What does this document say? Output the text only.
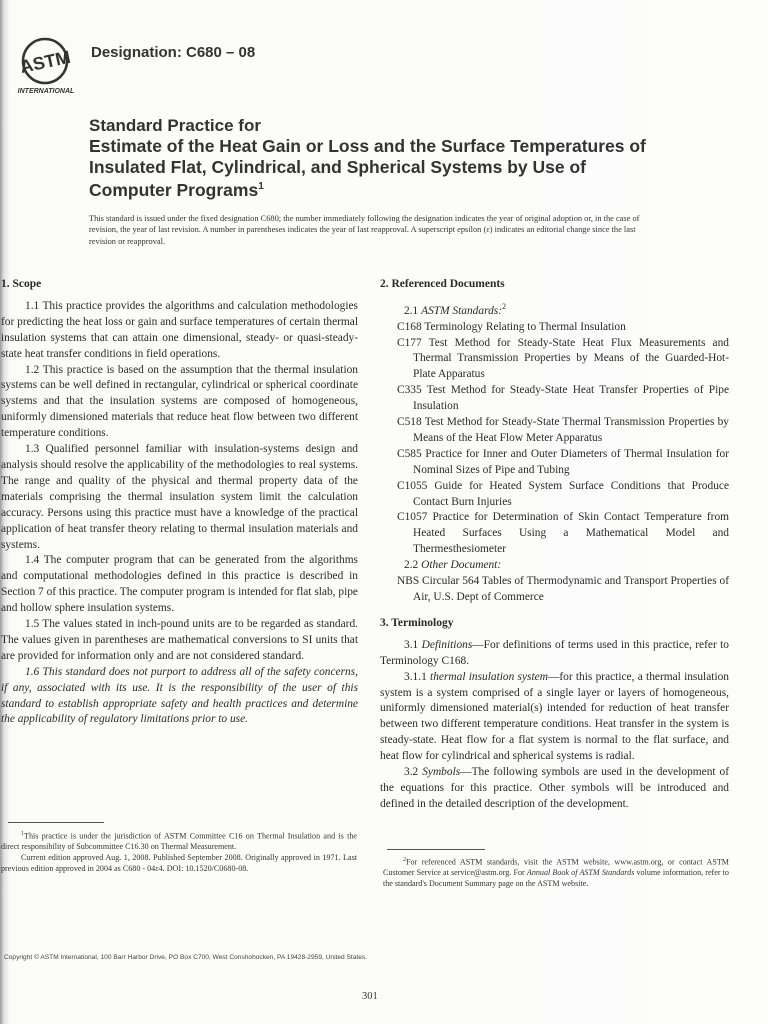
ASTM
INTERNATIONAL
Designation: C680 – 08
Standard Practice for
Estimate of the Heat Gain or Loss and the Surface Temperatures of Insulated Flat, Cylindrical, and Spherical Systems by Use of Computer Programs$^1$
This standard is issued under the fixed designation C680; the number immediately following the designation indicates the year of original adoption or, in the case of revision, the year of last revision. A number in parentheses indicates the year of last reapproval. A superscript epsilon (ε) indicates an editorial change since the last revision or reapproval.
1. Scope

1.1 This practice provides the algorithms and calculation methodologies for predicting the heat loss or gain and surface temperatures of certain thermal insulation systems that can attain one dimensional, steady- or quasi-steady-state heat transfer conditions in field operations.

1.2 This practice is based on the assumption that the thermal insulation systems can be well defined in rectangular, cylindrical or spherical coordinate systems and that the insulation systems are composed of homogeneous, uniformly dimensioned materials that reduce heat flow between two different temperature conditions.

1.3 Qualified personnel familiar with insulation-systems design and analysis should resolve the applicability of the methodologies to real systems. The range and quality of the physical and thermal property data of the materials comprising the thermal insulation system limit the calculation accuracy. Persons using this practice must have a knowledge of the practical application of heat transfer theory relating to thermal insulation materials and systems.

1.4 The computer program that can be generated from the algorithms and computational methodologies defined in this practice is described in Section 7 of this practice. The computer program is intended for flat slab, pipe and hollow sphere insulation systems.

1.5 The values stated in inch-pound units are to be regarded as standard. The values given in parentheses are mathematical conversions to SI units that are provided for information only and are not considered standard.

1.6 This standard does not purport to address all of the safety concerns, if any, associated with its use. It is the responsibility of the user of this standard to establish appropriate safety and health practices and determine the applicability of regulatory limitations prior to use.

2. Referenced Documents

2.1 ASTM Standards:$^2$

C168 Terminology Relating to Thermal Insulation

C177 Test Method for Steady-State Heat Flux Measurements and Thermal Transmission Properties by Means of the Guarded-Hot-Plate Apparatus

C335 Test Method for Steady-State Heat Transfer Properties of Pipe Insulation

C518 Test Method for Steady-State Thermal Transmission Properties by Means of the Heat Flow Meter Apparatus

C585 Practice for Inner and Outer Diameters of Thermal Insulation for Nominal Sizes of Pipe and Tubing

C1055 Guide for Heated System Surface Conditions that Produce Contact Burn Injuries

C1057 Practice for Determination of Skin Contact Temperature from Heated Surfaces Using a Mathematical Model and Thermesthesiometer

2.2 Other Document:

NBS Circular 564 Tables of Thermodynamic and Transport Properties of Air, U.S. Dept of Commerce

3. Terminology

3.1 Definitions—For definitions of terms used in this practice, refer to Terminology C168.

3.1.1 thermal insulation system—for this practice, a thermal insulation system is a system comprised of a single layer or layers of homogeneous, uniformly dimensioned material(s) intended for reduction of heat transfer between two different temperature conditions. Heat transfer in the system is steady-state. Heat flow for a flat system is normal to the flat surface, and heat flow for cylindrical and spherical systems is radial.

3.2 Symbols—The following symbols are used in the development of the equations for this practice. Other symbols will be introduced and defined in the detailed description of the development.

$^1$This practice is under the jurisdiction of ASTM Committee C16 on Thermal Insulation and is the direct responsibility of Subcommittee C16.30 on Thermal Measurement.

Current edition approved Aug. 1, 2008. Published September 2008. Originally approved in 1971. Last previous edition approved in 2004 as C680 - 04ε4. DOI: 10.1520/C0680-08.

$^2$For referenced ASTM standards, visit the ASTM website, www.astm.org, or contact ASTM Customer Service at service@astm.org. For Annual Book of ASTM Standards volume information, refer to the standard's Document Summary page on the ASTM website.

Copyright © ASTM International, 100 Barr Harbor Drive, PO Box C700, West Conshohocken, PA 19428-2959, United States.
301
